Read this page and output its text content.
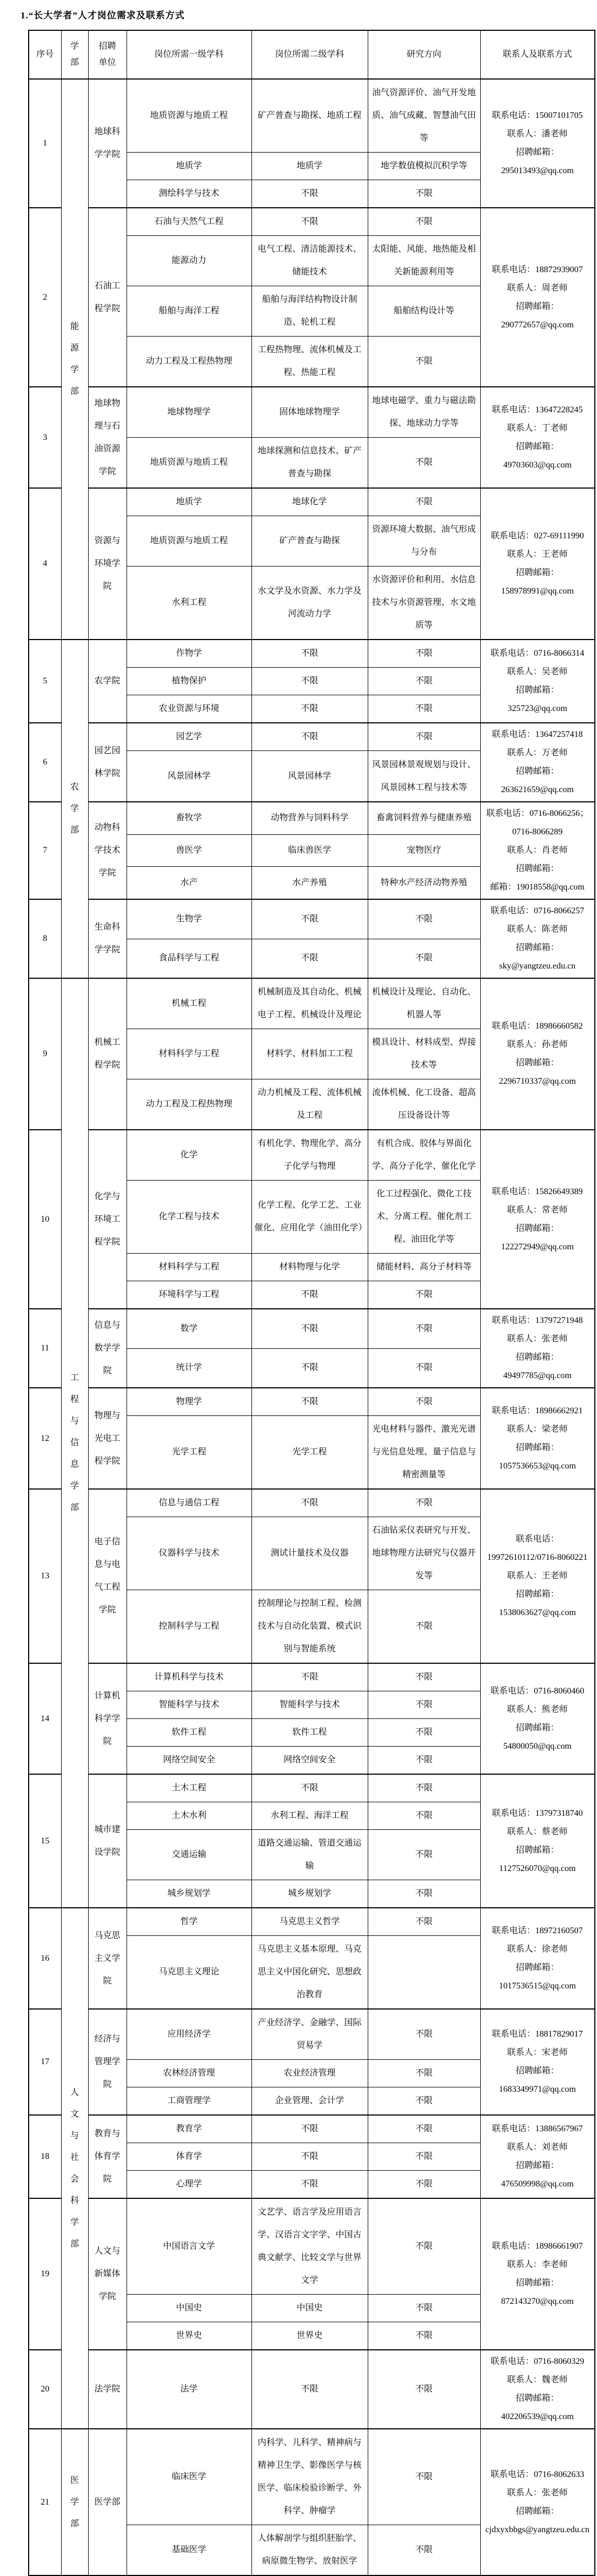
1.“长大学者”人才岗位需求及联系方式
序号	学部	招聘单位	岗位所需一级学科	岗位所需二级学科	研究方向	联系人及联系方式

1	能源学部	地球科学学院	地质资源与地质工程	矿产普查与勘探、地质工程	油气资源评价、油气开发地质、油气成藏、智慧油气田等	联系电话：15007101705
联系人：潘老师
招聘邮箱：
295013493@qq.com

			地质学	地质学	地学数值模拟沉积学等	

			测绘科学与技术	不限	不限	

2		石油工程学院	石油与天然气工程	不限	不限	联系电话：18872939007
联系人：周老师
招聘邮箱：
290772657@qq.com

			能源动力	电气工程、清洁能源技术、储能技术	太阳能、风能、地热能及相关新能源利用等	

			船舶与海洋工程	船舶与海洋结构物设计制造、轮机工程	船舶结构设计等	

			动力工程及工程热物理	工程热物理、流体机械及工程、热能工程	不限	

3		地球物理与石油资源学院	地球物理学	固体地球物理学	地球电磁学、重力与磁法勘探、地球动力学等	联系电话：13647228245
联系人：丁老师
招聘邮箱：
49703603@qq.com

			地质资源与地质工程	地球探测和信息技术、矿产普查与勘探	不限	

4		资源与环境学院	地质学	地球化学	不限	联系电话：027-69111990
联系人：王老师
招聘邮箱：
158978991@qq.com

			地质资源与地质工程	矿产普查与勘探	资源环境大数据、油气形成与分布	

			水利工程	水文学及水资源、水力学及河流动力学	水资源评价和利用、水信息技术与水资源管理、水文地质等	

5	农学部	农学院	作物学	不限	不限	联系电话：0716-8066314
联系人：吴老师
招聘邮箱：
325723@qq.com

			植物保护	不限	不限	

			农业资源与环境	不限	不限	

6		园艺园林学院	园艺学	不限	不限	联系电话：13647257418
联系人：万老师
招聘邮箱：
263621659@qq.com

			风景园林学	风景园林学	风景园林景观规划与设计、风景园林工程与技术等	

7		动物科学技术学院	畜牧学	动物营养与饲料科学	畜禽饲料营养与健康养殖	联系电话：0716-8066256；
0716-8066289
联系人：肖老师
招聘邮箱：
邮箱：19018558@qq.com

			兽医学	临床兽医学	宠物医疗	

			水产	水产养殖	特种水产经济动物养殖	

8		生命科学学院	生物学	不限	不限	联系电话：0716-8066257
联系人：陈老师
招聘邮箱：
sky@yangtzeu.edu.cn

			食品科学与工程	不限	不限	

9	工程与信息学部	机械工程学院	机械工程	机械制造及其自动化、机械电子工程、机械设计及理论	机械设计及理论、自动化、机器人等	联系电话：18986660582
联系人：孙老师
招聘邮箱：
2296710337@qq.com

			材料科学与工程	材料学、材料加工工程	模具设计、材料成型、焊接技术等	

			动力工程及工程热物理	动力机械及工程、流体机械及工程	流体机械、化工设备、超高压设备设计等	

10		化学与环境工程学院	化学	有机化学、物理化学、高分子化学与物理	有机合成、胶体与界面化学、高分子化学、催化化学	联系电话：15826649389
联系人：常老师
招聘邮箱：
122272949@qq.com

			化学工程与技术	化学工程、化学工艺、工业催化、应用化学（油田化学）	化工过程强化、微化工技术、分离工程、催化剂工程、油田化学等	

			材料科学与工程	材料物理与化学	储能材料、高分子材料等	

			环境科学与工程	不限	不限	

11		信息与数学学院	数学	不限	不限	联系电话：13797271948
联系人：张老师
招聘邮箱：
49497785@qq.com

			统计学	不限	不限	

12		物理与光电工程学院	物理学	不限	不限	联系电话：18986662921
联系人：梁老师
招聘邮箱：
1057536653@qq.com

			光学工程	光学工程	光电材料与器件、激光光谱与光信息处理、量子信息与精密测量等	

13		电子信息与电气工程学院	信息与通信工程	不限	不限	联系电话：
19972610112/0716-8060221
联系人：王老师
招聘邮箱：
1538063627@qq.com

			仪器科学与技术	测试计量技术及仪器	石油钻采仪表研究与开发、地球物理方法研究与仪器开发等	

			控制科学与工程	控制理论与控制工程、检测技术与自动化装置、模式识别与智能系统	不限	

14		计算机科学学院	计算机科学与技术	不限	不限	联系电话：0716-8060460
联系人：熊老师
招聘邮箱：
54800050@qq.com

			智能科学与技术	智能科学与技术	不限	

			软件工程	软件工程	不限	

			网络空间安全	网络空间安全	不限	

15		城市建设学院	土木工程	不限	不限	联系电话：13797318740
联系人：蔡老师
招聘邮箱：
1127526070@qq.com

			土木水利	水利工程、海洋工程	不限	

			交通运输	道路交通运输、管道交通运输	不限	

			城乡规划学	城乡规划学	不限	

16	人文与社会科学部	马克思主义学院	哲学	马克思主义哲学	不限	联系电话：18972160507
联系人：徐老师
招聘邮箱：
1017536515@qq.com

			马克思主义理论	马克思主义基本原理、马克思主义中国化研究、思想政治教育		

17		经济与管理学院	应用经济学	产业经济学、金融学、国际贸易学	不限	联系电话：18817829017
联系人：宋老师
招聘邮箱：
1683349971@qq.com

			农林经济管理	农业经济管理	不限	

			工商管理学	企业管理、会计学	不限	

18		教育与体育学院	教育学	不限	不限	联系电话：13886567967
联系人：刘老师
招聘邮箱：
476509998@qq.com

			体育学	不限	不限	

			心理学	不限	不限	

19		人文与新媒体学院	中国语言文学	文艺学、语言学及应用语言学、汉语言文字学、中国古典文献学、比较文学与世界文学	不限	联系电话：18986661907
联系人：李老师
招聘邮箱：
872143270@qq.com

			中国史	中国史	不限	

			世界史	世界史	不限	

20		法学院	法学	不限	不限	联系电话：0716-8060329
联系人：魏老师
招聘邮箱：
402206539@qq.com

21	医学部	医学部	临床医学	内科学、儿科学、精神病与精神卫生学、影像医学与核医学、临床检验诊断学、外科学、肿瘤学	不限	联系电话：0716-8062633
联系人：张老师
招聘邮箱：
cjdxyxbbgs@yangtzeu.edu.cn

			基础医学	人体解剖学与组织胚胎学、病原微生物学、放射医学	不限	
